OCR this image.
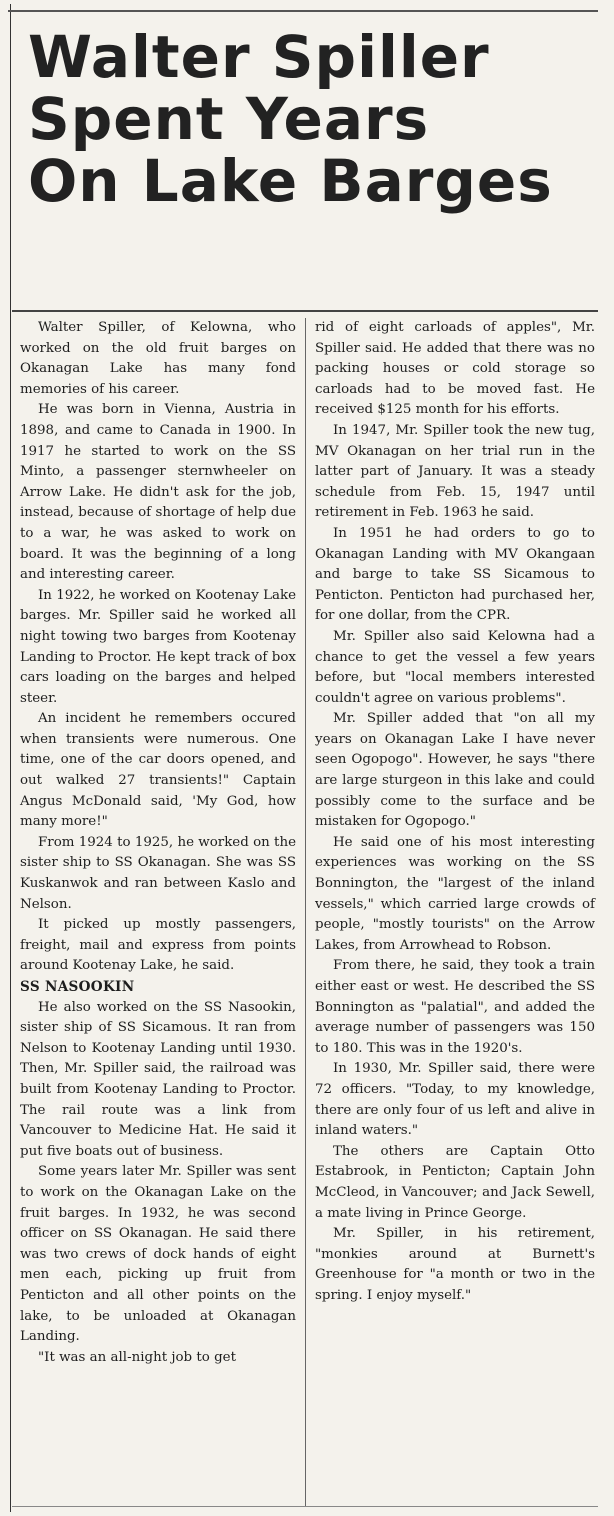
Walter Spiller
Spent Years
On Lake Barges

Walter Spiller, of Kelowna, who worked on the old fruit barges on Okanagan Lake has many fond memories of his career.

He was born in Vienna, Austria in 1898, and came to Canada in 1900. In 1917 he started to work on the SS Minto, a passenger sternwheeler on Arrow Lake. He didn't ask for the job, instead, because of shortage of help due to a war, he was asked to work on board. It was the beginning of a long and interesting career.

In 1922, he worked on Kootenay Lake barges. Mr. Spiller said he worked all night towing two barges from Kootenay Landing to Proctor. He kept track of box cars loading on the barges and helped steer.

An incident he remembers occured when transients were numerous. One time, one of the car doors opened, and out walked 27 transients!" Captain Angus McDonald said, 'My God, how many more!"

From 1924 to 1925, he worked on the sister ship to SS Okanagan. She was SS Kuskanwok and ran between Kaslo and Nelson.

It picked up mostly passengers, freight, mail and express from points around Kootenay Lake, he said.

SS NASOOKIN

He also worked on the SS Nasookin, sister ship of SS Sicamous. It ran from Nelson to Kootenay Landing until 1930. Then, Mr. Spiller said, the railroad was built from Kootenay Landing to Proctor. The rail route was a link from Vancouver to Medicine Hat. He said it put five boats out of business.

Some years later Mr. Spiller was sent to work on the Okanagan Lake on the fruit barges. In 1932, he was second officer on SS Okanagan. He said there was two crews of dock hands of eight men each, picking up fruit from Penticton and all other points on the lake, to be unloaded at Okanagan Landing.

"It was an all-night job to get

rid of eight carloads of apples", Mr. Spiller said. He added that there was no packing houses or cold storage so carloads had to be moved fast. He received $125 month for his efforts.

In 1947, Mr. Spiller took the new tug, MV Okanagan on her trial run in the latter part of January. It was a steady schedule from Feb. 15, 1947 until retirement in Feb. 1963 he said.

In 1951 he had orders to go to Okanagan Landing with MV Okangaan and barge to take SS Sicamous to Penticton. Penticton had purchased her, for one dollar, from the CPR.

Mr. Spiller also said Kelowna had a chance to get the vessel a few years before, but "local members interested couldn't agree on various problems".

Mr. Spiller added that "on all my years on Okanagan Lake I have never seen Ogopogo". However, he says "there are large sturgeon in this lake and could possibly come to the surface and be mistaken for Ogopogo."

He said one of his most interesting experiences was working on the SS Bonnington, the "largest of the inland vessels," which carried large crowds of people, "mostly tourists" on the Arrow Lakes, from Arrowhead to Robson.

From there, he said, they took a train either east or west. He described the SS Bonnington as "palatial", and added the average number of passengers was 150 to 180. This was in the 1920's.

In 1930, Mr. Spiller said, there were 72 officers. "Today, to my knowledge, there are only four of us left and alive in inland waters."

The others are Captain Otto Estabrook, in Penticton; Captain John McCleod, in Vancouver; and Jack Sewell, a mate living in Prince George.

Mr. Spiller, in his retirement, "monkies around at Burnett's Greenhouse for "a month or two in the spring. I enjoy myself."
